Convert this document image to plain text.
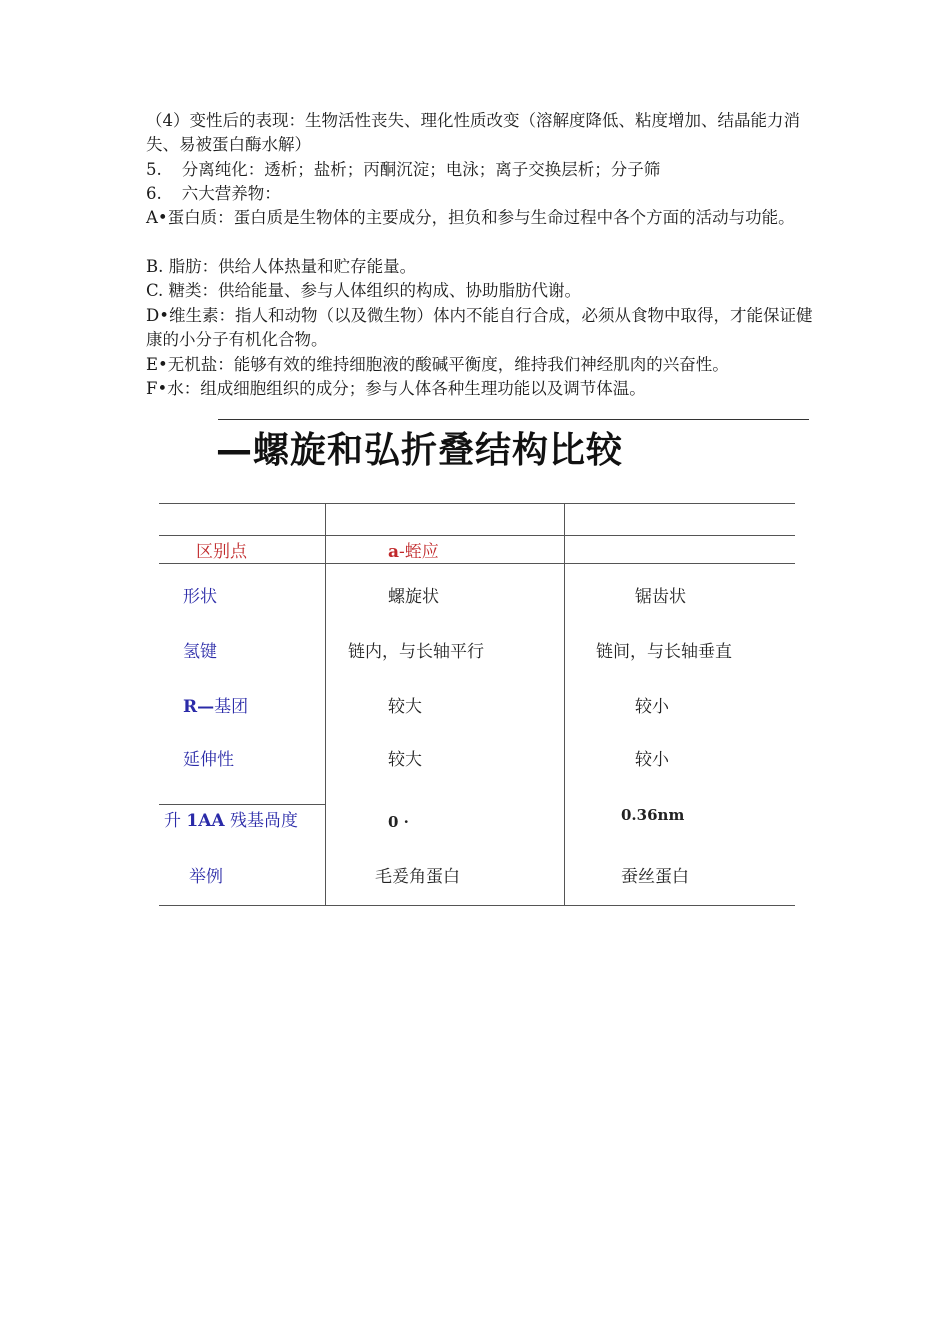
（4）变性后的表现：生物活性丧失、理化性质改变（溶解度降低、粘度增加、结晶能力消失、易被蛋白酶水解）

5. 分离纯化：透析；盐析；丙酮沉淀；电泳；离子交换层析；分子筛

6. 六大营养物：

A•蛋白质：蛋白质是生物体的主要成分，担负和参与生命过程中各个方面的活动与功能。

B. 脂肪：供给人体热量和贮存能量。

C. 糖类：供给能量、参与人体组织的构成、协助脂肪代谢。

D•维生素：指人和动物（以及微生物）体内不能自行合成，必须从食物中取得，才能保证健康的小分子有机化合物。

E•无机盐：能够有效的维持细胞液的酸碱平衡度，维持我们神经肌肉的兴奋性。

F•水：组成细胞组织的成分；参与人体各种生理功能以及调节体温。

—螺旋和弘折叠结构比较
区别点	a-蛭应
形状	螺旋状	锯齿状
氢键	链内，与长轴平行	链间，与长轴垂直
R—基团	较大	较小
延伸性	较大	较小
升 1AA 残基咼度	0 ·	0.36nm
举例	毛爰角蛋白	蚕丝蛋白
